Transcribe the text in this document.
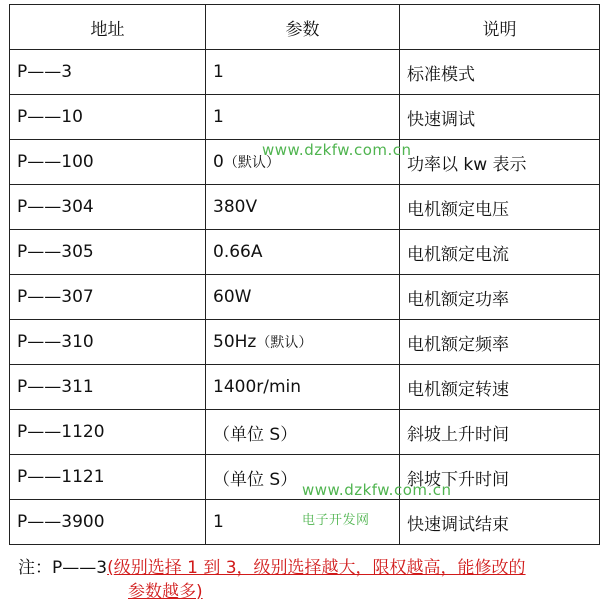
地址	参数	说明
P——3	1	标准模式
P——10	1	快速调试
P——100	0（默认）	功率以 kw 表示
P——304	380V	电机额定电压
P——305	0.66A	电机额定电流
P——307	60W	电机额定功率
P——310	50Hz（默认）	电机额定频率
P——311	1400r/min	电机额定转速
P——1120	（单位 S）	斜坡上升时间
P——1121	（单位 S）	斜坡下升时间
P——3900	1	快速调试结束
www.dzkfw.com.cn
www.dzkfw.com.cn
电子开发网
注：P——3(级别选择 1 到 3，级别选择越大，限权越高，能修改的
参数越多)
